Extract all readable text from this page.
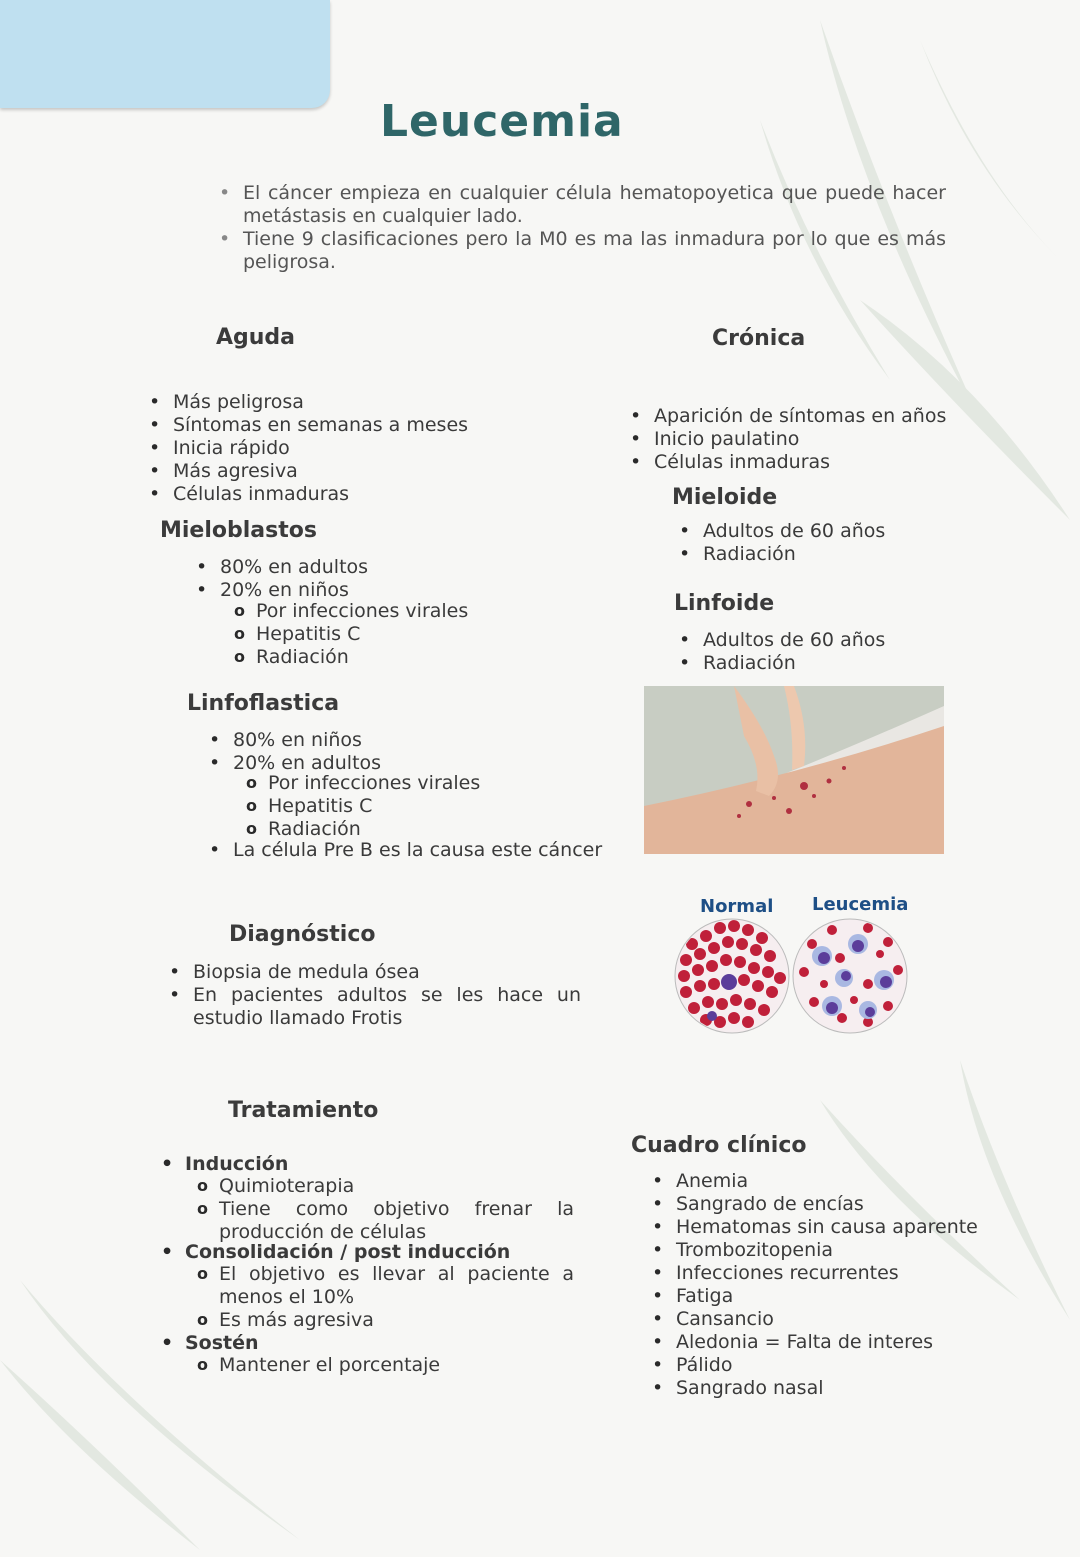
Leucemia
• El cáncer empieza en cualquier célula hematopoyetica que puede hacer metástasis en cualquier lado.
• Tiene 9 clasificaciones pero la M0 es ma las inmadura por lo que es más peligrosa.
Aguda
• Más peligrosa
• Síntomas en semanas a meses
• Inicia rápido
• Más agresiva
• Células inmaduras
Mieloblastos
• 80% en adultos
• 20% en niños
o Por infecciones virales
o Hepatitis C
o Radiación
Linfoflastica
• 80% en niños
• 20% en adultos
o Por infecciones virales
o Hepatitis C
o Radiación
• La célula Pre B es la causa este cáncer
Crónica
• Aparición de síntomas en años
• Inicio paulatino
• Células inmaduras
Mieloide
• Adultos de 60 años
• Radiación
Linfoide
• Adultos de 60 años
• Radiación
Normal Leucemia
Diagnóstico
• Biopsia de medula ósea
• En pacientes adultos se les hace un estudio llamado Frotis
Tratamiento
• Inducción
o Quimioterapia
o Tiene como objetivo frenar la producción de células
• Consolidación / post inducción
o El objetivo es llevar al paciente a menos el 10%
o Es más agresiva
• Sostén
o Mantener el porcentaje
Cuadro clínico
• Anemia
• Sangrado de encías
• Hematomas sin causa aparente
• Trombozitopenia
• Infecciones recurrentes
• Fatiga
• Cansancio
• Aledonia = Falta de interes
• Pálido
• Sangrado nasal
